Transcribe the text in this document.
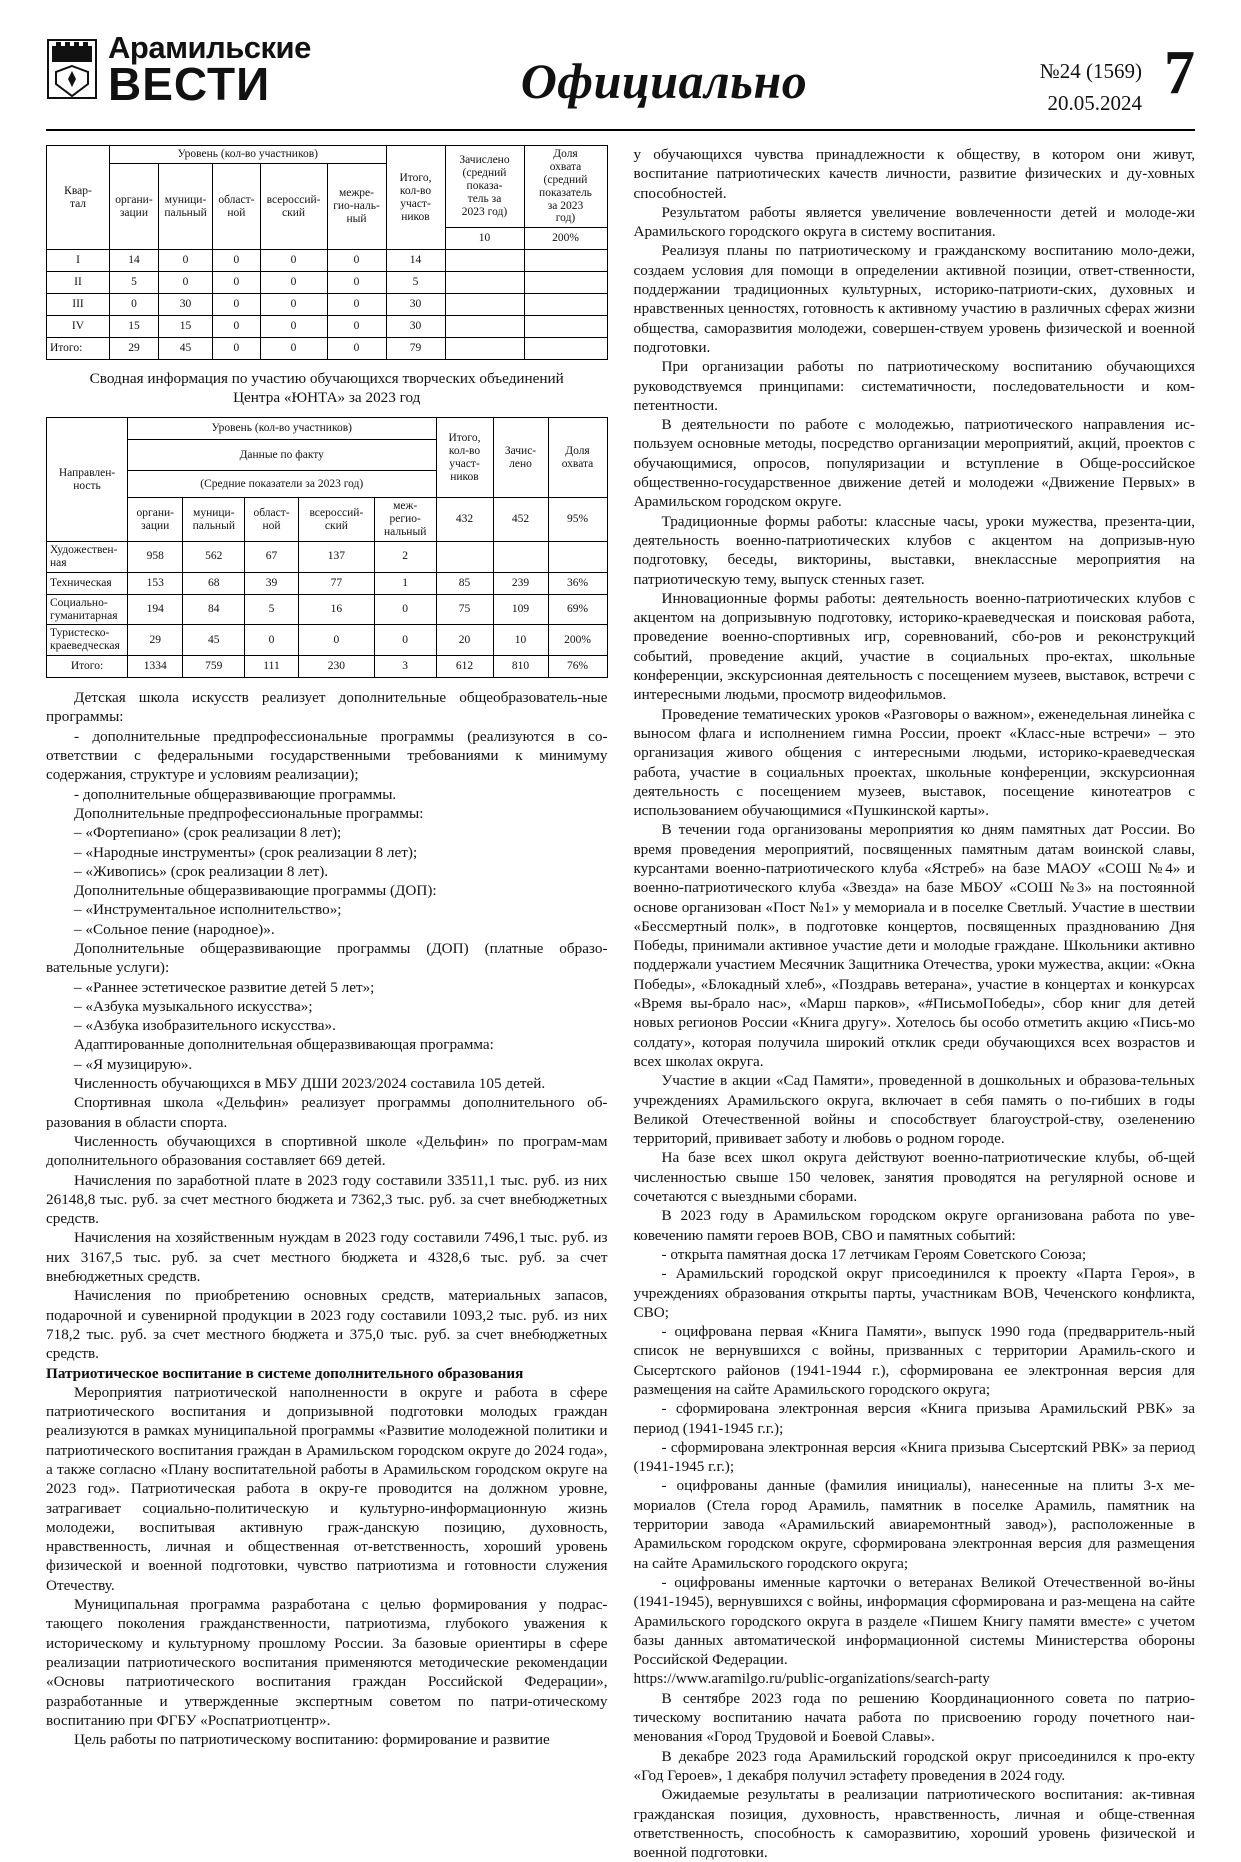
Арамильские
ВЕСТИ	Официально	№24 (1569)
20.05.2024 7
Квар-
тал	Уровень (кол-во участников)	Итого,
кол-во
участ-
ников	Зачислено
(средний показа-
тель за
2023 год)	Доля
охвата
(средний
показатель
за 2023
год)
	органи-
зации	муници-
пальный	област-
ной	всероссий-
ский	межре-
гио-наль-
ный			
							10	200%
I	14	0	0	0	0	14		
II	5	0	0	0	0	5		
III	0	30	0	0	0	30		
IV	15	15	0	0	0	30		
Итого:	29	45	0	0	0	79		
Сводная информация по участию обучающихся творческих объединений
Центра «ЮНТА» за 2023 год
Направлен-
ность	Уровень (кол-во участников)					Итого,
кол-во
участ-
ников	Зачис-
лено	Доля
охвата
	Данные по факту							
	(Средние показатели за 2023 год)							
	органи-
зации	муници-
пальный	област-
ной	всероссий-
ский	меж-
регио-
нальный	432	452	95%
Художествен-
ная	958	562	67	137	2			
Техническая	153	68	39	77	1	85	239	36%
Социально-
гуманитарная	194	84	5	16	0	75	109	69%
Туристеско-
краеведческая	29	45	0	0	0	20	10	200%
Итого:	1334	759	111	230	3	612	810	76%

Детская школа искусств реализует дополнительные общеобразователь-ные программы:

- дополнительные предпрофессиональные программы (реализуются в со-ответствии с федеральными государственными требованиями к минимуму содержания, структуре и условиям реализации);

- дополнительные общеразвивающие программы.

Дополнительные предпрофессиональные программы:

– «Фортепиано» (срок реализации 8 лет);

– «Народные инструменты» (срок реализации 8 лет);

– «Живопись» (срок реализации 8 лет).

Дополнительные общеразвивающие программы (ДОП):

– «Инструментальное исполнительство»;

– «Сольное пение (народное)».

Дополнительные общеразвивающие программы (ДОП) (платные образо-вательные услуги):

– «Раннее эстетическое развитие детей 5 лет»;

– «Азбука музыкального искусства»;

– «Азбука изобразительного искусства».

Адаптированные дополнительная общеразвивающая программа:

– «Я музицирую».

Численность обучающихся в МБУ ДШИ 2023/2024 составила 105 детей.

Спортивная школа «Дельфин» реализует программы дополнительного об-разования в области спорта.

Численность обучающихся в спортивной школе «Дельфин» по програм-мам дополнительного образования составляет 669 детей.

Начисления по заработной плате в 2023 году составили 33511,1 тыс. руб. из них 26148,8 тыс. руб. за счет местного бюджета и 7362,3 тыс. руб. за счет внебюджетных средств.

Начисления на хозяйственным нуждам в 2023 году составили 7496,1 тыс. руб. из них 3167,5 тыс. руб. за счет местного бюджета и 4328,6 тыс. руб. за счет внебюджетных средств.

Начисления по приобретению основных средств, материальных запасов, подарочной и сувенирной продукции в 2023 году составили 1093,2 тыс. руб. из них 718,2 тыс. руб. за счет местного бюджета и 375,0 тыс. руб. за счет внебюджетных средств.

Патриотическое воспитание в системе дополнительного образования

Мероприятия патриотической наполненности в округе и работа в сфере патриотического воспитания и допризывной подготовки молодых граждан реализуются в рамках муниципальной программы «Развитие молодежной политики и патриотического воспитания граждан в Арамильском городском округе до 2024 года», а также согласно «Плану воспитательной работы в Арамильском городском округе на 2023 год». Патриотическая работа в окру-ге проводится на должном уровне, затрагивает социально-политическую и культурно-информационную жизнь молодежи, воспитывая активную граж-данскую позицию, духовность, нравственность, личная и общественная от-ветственность, хороший уровень физической и военной подготовки, чувство патриотизма и готовности служения Отечеству.

Муниципальная программа разработана с целью формирования у подрас-тающего поколения гражданственности, патриотизма, глубокого уважения к историческому и культурному прошлому России. За базовые ориентиры в сфере реализации патриотического воспитания применяются методические рекомендации «Основы патриотического воспитания граждан Российской Федерации», разработанные и утвержденные экспертным советом по патри-отическому воспитанию при ФГБУ «Роспатриотцентр».

Цель работы по патриотическому воспитанию: формирование и развитие

у обучающихся чувства принадлежности к обществу, в котором они живут, воспитание патриотических качеств личности, развитие физических и ду-ховных способностей.

Результатом работы является увеличение вовлеченности детей и молоде-жи Арамильского городского округа в систему воспитания.

Реализуя планы по патриотическому и гражданскому воспитанию моло-дежи, создаем условия для помощи в определении активной позиции, ответ-ственности, поддержании традиционных культурных, историко-патриоти-ских, духовных и нравственных ценностях, готовность к активному участию в различных сферах жизни общества, саморазвития молодежи, совершен-ствуем уровень физической и военной подготовки.

При организации работы по патриотическому воспитанию обучающихся руководствуемся принципами: систематичности, последовательности и ком-петентности.

В деятельности по работе с молодежью, патриотического направления ис-пользуем основные методы, посредство организации мероприятий, акций, проектов с обучающимися, опросов, популяризации и вступление в Обще-российское общественно-государственное движение детей и молодежи «Движение Первых» в Арамильском городском округе.

Традиционные формы работы: классные часы, уроки мужества, презента-ции, деятельность военно-патриотических клубов с акцентом на допризыв-ную подготовку, беседы, викторины, выставки, внеклассные мероприятия на патриотическую тему, выпуск стенных газет.

Инновационные формы работы: деятельность военно-патриотических клубов с акцентом на допризывную подготовку, историко-краеведческая и поисковая работа, проведение военно-спортивных игр, соревнований, сбо-ров и реконструкций событий, проведение акций, участие в социальных про-ектах, школьные конференции, экскурсионная деятельность с посещением музеев, выставок, встречи с интересными людьми, просмотр видеофильмов.

Проведение тематических уроков «Разговоры о важном», еженедельная линейка с выносом флага и исполнением гимна России, проект «Класс-ные встречи» – это организация живого общения с интересными людьми, историко-краеведческая работа, участие в социальных проектах, школьные конференции, экскурсионная деятельность с посещением музеев, выставок, посещение кинотеатров с использованием обучающимися «Пушкинской карты».

В течении года организованы мероприятия ко дням памятных дат России. Во время проведения мероприятий, посвященных памятным датам воинской славы, курсантами военно-патриотического клуба «Ястреб» на базе МАОУ «СОШ №4» и военно-патриотического клуба «Звезда» на базе МБОУ «СОШ №3» на постоянной основе организован «Пост №1» у мемориала и в поселке Светлый. Участие в шествии «Бессмертный полк», в подготовке концертов, посвященных празднованию Дня Победы, принимали активное участие дети и молодые граждане. Школьники активно поддержали участием Месячник Защитника Отечества, уроки мужества, акции: «Окна Победы», «Блокадный хлеб», «Поздравь ветерана», участие в концертах и конкурсах «Время вы-брало нас», «Марш парков», «#ПисьмоПобеды», сбор книг для детей новых регионов России «Книга другу». Хотелось бы особо отметить акцию «Пись-мо солдату», которая получила широкий отклик среди обучающихся всех возрастов и всех школах округа.

Участие в акции «Сад Памяти», проведенной в дошкольных и образова-тельных учреждениях Арамильского округа, включает в себя память о по-гибших в годы Великой Отечественной войны и способствует благоустрой-ству, озеленению территорий, прививает заботу и любовь о родном городе.

На базе всех школ округа действуют военно-патриотические клубы, об-щей численностью свыше 150 человек, занятия проводятся на регулярной основе и сочетаются с выездными сборами.

В 2023 году в Арамильском городском округе организована работа по уве-ковечению памяти героев ВОВ, СВО и памятных событий:

- открыта памятная доска 17 летчикам Героям Советского Союза;

- Арамильский городской округ присоединился к проекту «Парта Героя», в учреждениях образования открыты парты, участникам ВОВ, Чеченского конфликта, СВО;

- оцифрована первая «Книга Памяти», выпуск 1990 года (предварритель-ный список не вернувшихся с войны, призванных с территории Арамиль-ского и Сысертского районов (1941-1944 г.), сформирована ее электронная версия для размещения на сайте Арамильского городского округа;

- сформирована электронная версия «Книга призыва Арамильский РВК» за период (1941-1945 г.г.);

- сформирована электронная версия «Книга призыва Сысертский РВК» за период (1941-1945 г.г.);

- оцифрованы данные (фамилия инициалы), нанесенные на плиты 3-х ме-мориалов (Стела город Арамиль, памятник в поселке Арамиль, памятник на территории завода «Арамильский авиаремонтный завод»), расположенные в Арамильском городском округе, сформирована электронная версия для размещения на сайте Арамильского городского округа;

- оцифрованы именные карточки о ветеранах Великой Отечественной во-йны (1941-1945), вернувшихся с войны, информация сформирована и раз-мещена на сайте Арамильского городского округа в разделе «Пишем Книгу памяти вместе» с учетом базы данных автоматической информационной системы Министерства обороны Российской Федерации.

https://www.aramilgo.ru/public-organizations/search-party

В сентябре 2023 года по решению Координационного совета по патрио-тическому воспитанию начата работа по присвоению городу почетного наи-менования «Город Трудовой и Боевой Славы».

В декабре 2023 года Арамильский городской округ присоединился к про-екту «Год Героев», 1 декабря получил эстафету проведения в 2024 году.

Ожидаемые результаты в реализации патриотического воспитания: ак-тивная гражданская позиция, духовность, нравственность, личная и обще-ственная ответственность, способность к саморазвитию, хороший уровень физической и военной подготовки.
